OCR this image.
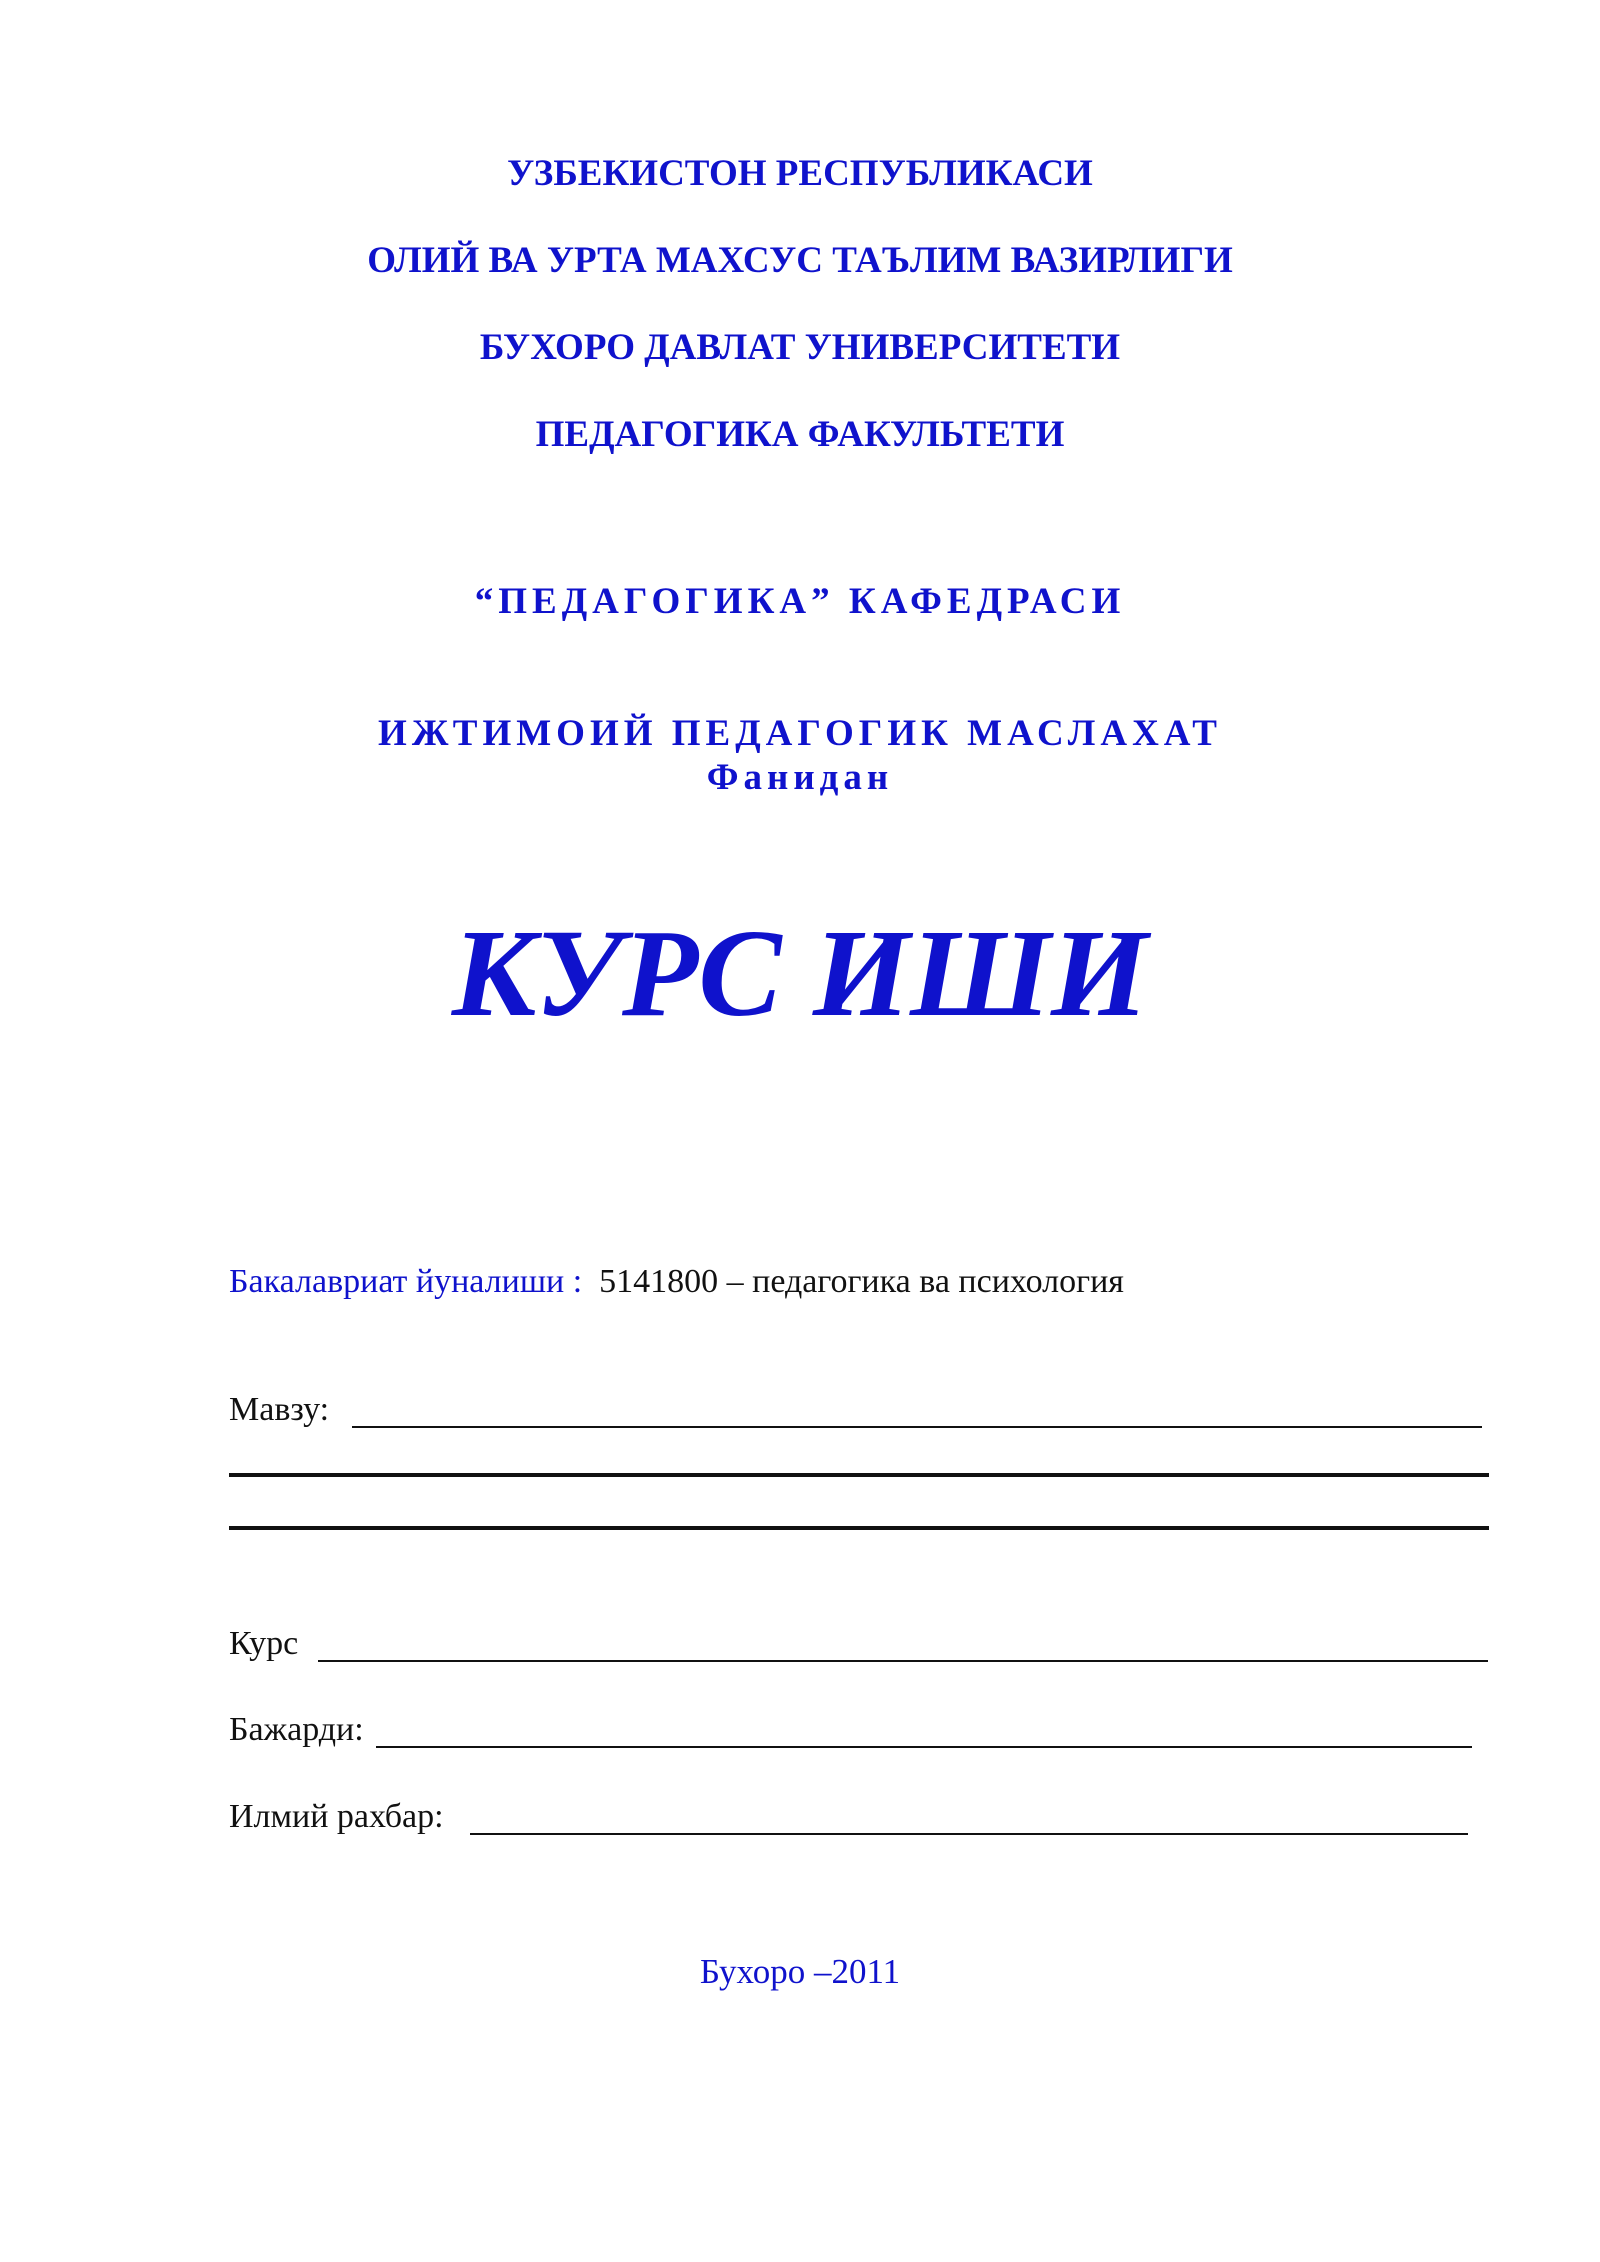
УЗБЕКИСТОН РЕСПУБЛИКАСИ
ОЛИЙ ВА УРТА МАХСУС ТАЪЛИМ ВАЗИРЛИГИ
БУХОРО ДАВЛАТ УНИВЕРСИТЕТИ
ПЕДАГОГИКА ФАКУЛЬТЕТИ
“ПЕДАГОГИКА” КАФЕДРАСИ
ИЖТИМОИЙ ПЕДАГОГИК МАСЛАХАТ
Фанидан
КУРС ИШИ
Бакалавриат йуналиши : 5141800 – педагогика ва психология
Мавзу:
Курс
Бажарди:
Илмий рахбар:
Бухоро –2011
